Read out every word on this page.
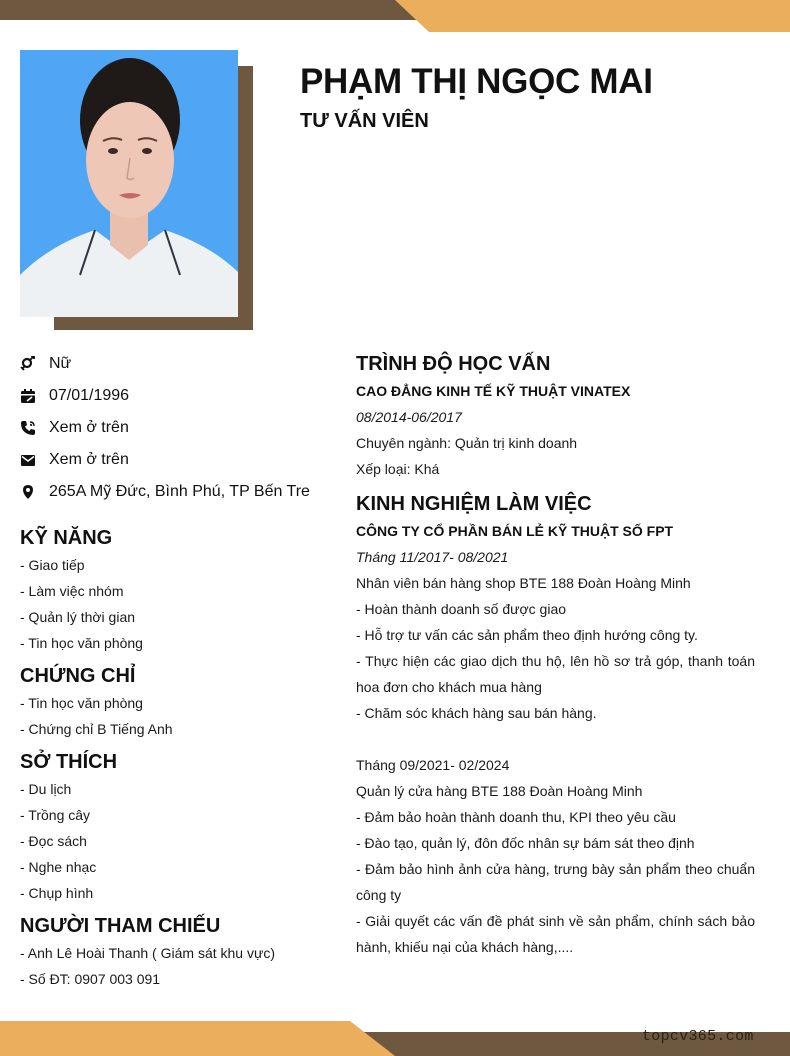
topcv365.com
PHẠM THỊ NGỌC MAI
TƯ VẤN VIÊN
Nữ
07/01/1996
Xem ở trên
Xem ở trên
265A Mỹ Đức, Bình Phú, TP Bến Tre
KỸ NĂNG
- Giao tiếp
- Làm việc nhóm
- Quản lý thời gian
- Tin học văn phòng
CHỨNG CHỈ
- Tin học văn phòng
- Chứng chỉ B Tiếng Anh
SỞ THÍCH
- Du lịch
- Trồng cây
- Đọc sách
- Nghe nhạc
- Chụp hình
NGƯỜI THAM CHIẾU
- Anh Lê Hoài Thanh ( Giám sát khu vực)
- Số ĐT: 0907 003 091
TRÌNH ĐỘ HỌC VẤN
CAO ĐẲNG KINH TẾ KỸ THUẬT VINATEX
08/2014-06/2017
Chuyên ngành: Quản trị kinh doanh
Xếp loại: Khá
KINH NGHIỆM LÀM VIỆC
CÔNG TY CỔ PHẦN BÁN LẺ KỸ THUẬT SỐ FPT
Tháng 11/2017- 08/2021
Nhân viên bán hàng shop BTE 188 Đoàn Hoàng Minh
- Hoàn thành doanh số được giao
- Hỗ trợ tư vấn các sản phẩm theo định hướng công ty.
- Thực hiện các giao dịch thu hộ, lên hồ sơ trả góp, thanh toán hoa đơn cho khách mua hàng
- Chăm sóc khách hàng sau bán hàng.
Tháng 09/2021- 02/2024
Quản lý cửa hàng BTE 188 Đoàn Hoàng Minh
- Đảm bảo hoàn thành doanh thu, KPI theo yêu cầu
- Đào tạo, quản lý, đôn đốc nhân sự bám sát theo định
- Đảm bảo hình ảnh cửa hàng, trưng bày sản phẩm theo chuẩn công ty
- Giải quyết các vấn đề phát sinh về sản phẩm, chính sách bảo hành, khiếu nại của khách hàng,....
